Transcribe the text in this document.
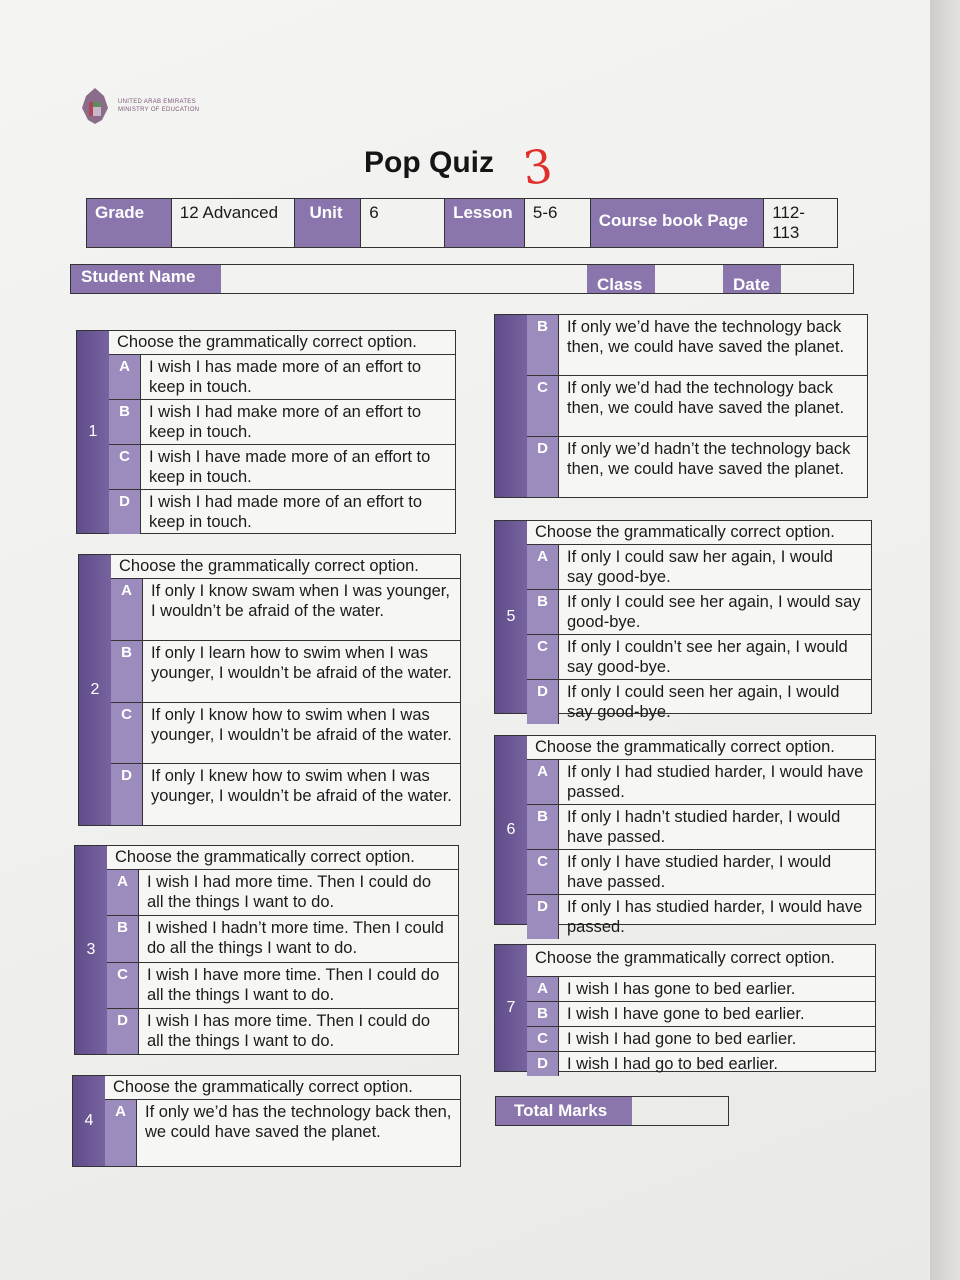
UNITED ARAB EMIRATES
MINISTRY OF EDUCATION
Pop Quiz 3
Grade	12 Advanced	Unit	6	Lesson	5-6	Course book Page	112-113
Student Name	Class	Date
1
Choose the grammatically correct option.
A	I wish I has made more of an effort to keep in touch.
B	I wish I had make more of an effort to keep in touch.
C	I wish I have made more of an effort to keep in touch.
D	I wish I had made more of an effort to keep in touch.
2
Choose the grammatically correct option.
A	If only I know swam when I was younger, I wouldn’t be afraid of the water.
B	If only I learn how to swim when I was younger, I wouldn’t be afraid of the water.
C	If only I know how to swim when I was younger, I wouldn’t be afraid of the water.
D	If only I knew how to swim when I was younger, I wouldn’t be afraid of the water.
3
Choose the grammatically correct option.
A	I wish I had more time. Then I could do all the things I want to do.
B	I wished I hadn’t more time. Then I could do all the things I want to do.
C	I wish I have more time. Then I could do all the things I want to do.
D	I wish I has more time. Then I could do all the things I want to do.
4
Choose the grammatically correct option.
A	If only we’d has the technology back then, we could have saved the planet.
B	If only we’d have the technology back then, we could have saved the planet.
C	If only we’d had the technology back then, we could have saved the planet.
D	If only we’d hadn’t the technology back then, we could have saved the planet.
5
Choose the grammatically correct option.
A	If only I could saw her again, I would say good-bye.
B	If only I could see her again, I would say good-bye.
C	If only I couldn’t see her again, I would say good-bye.
D	If only I could seen her again, I would say good-bye.
6
Choose the grammatically correct option.
A	If only I had studied harder, I would have passed.
B	If only I hadn’t studied harder, I would have passed.
C	If only I have studied harder, I would have passed.
D	If only I has studied harder, I would have passed.
7
Choose the grammatically correct option.
A	I wish I has gone to bed earlier.
B	I wish I have gone to bed earlier.
C	I wish I had gone to bed earlier.
D	I wish I had go to bed earlier.
Total Marks
